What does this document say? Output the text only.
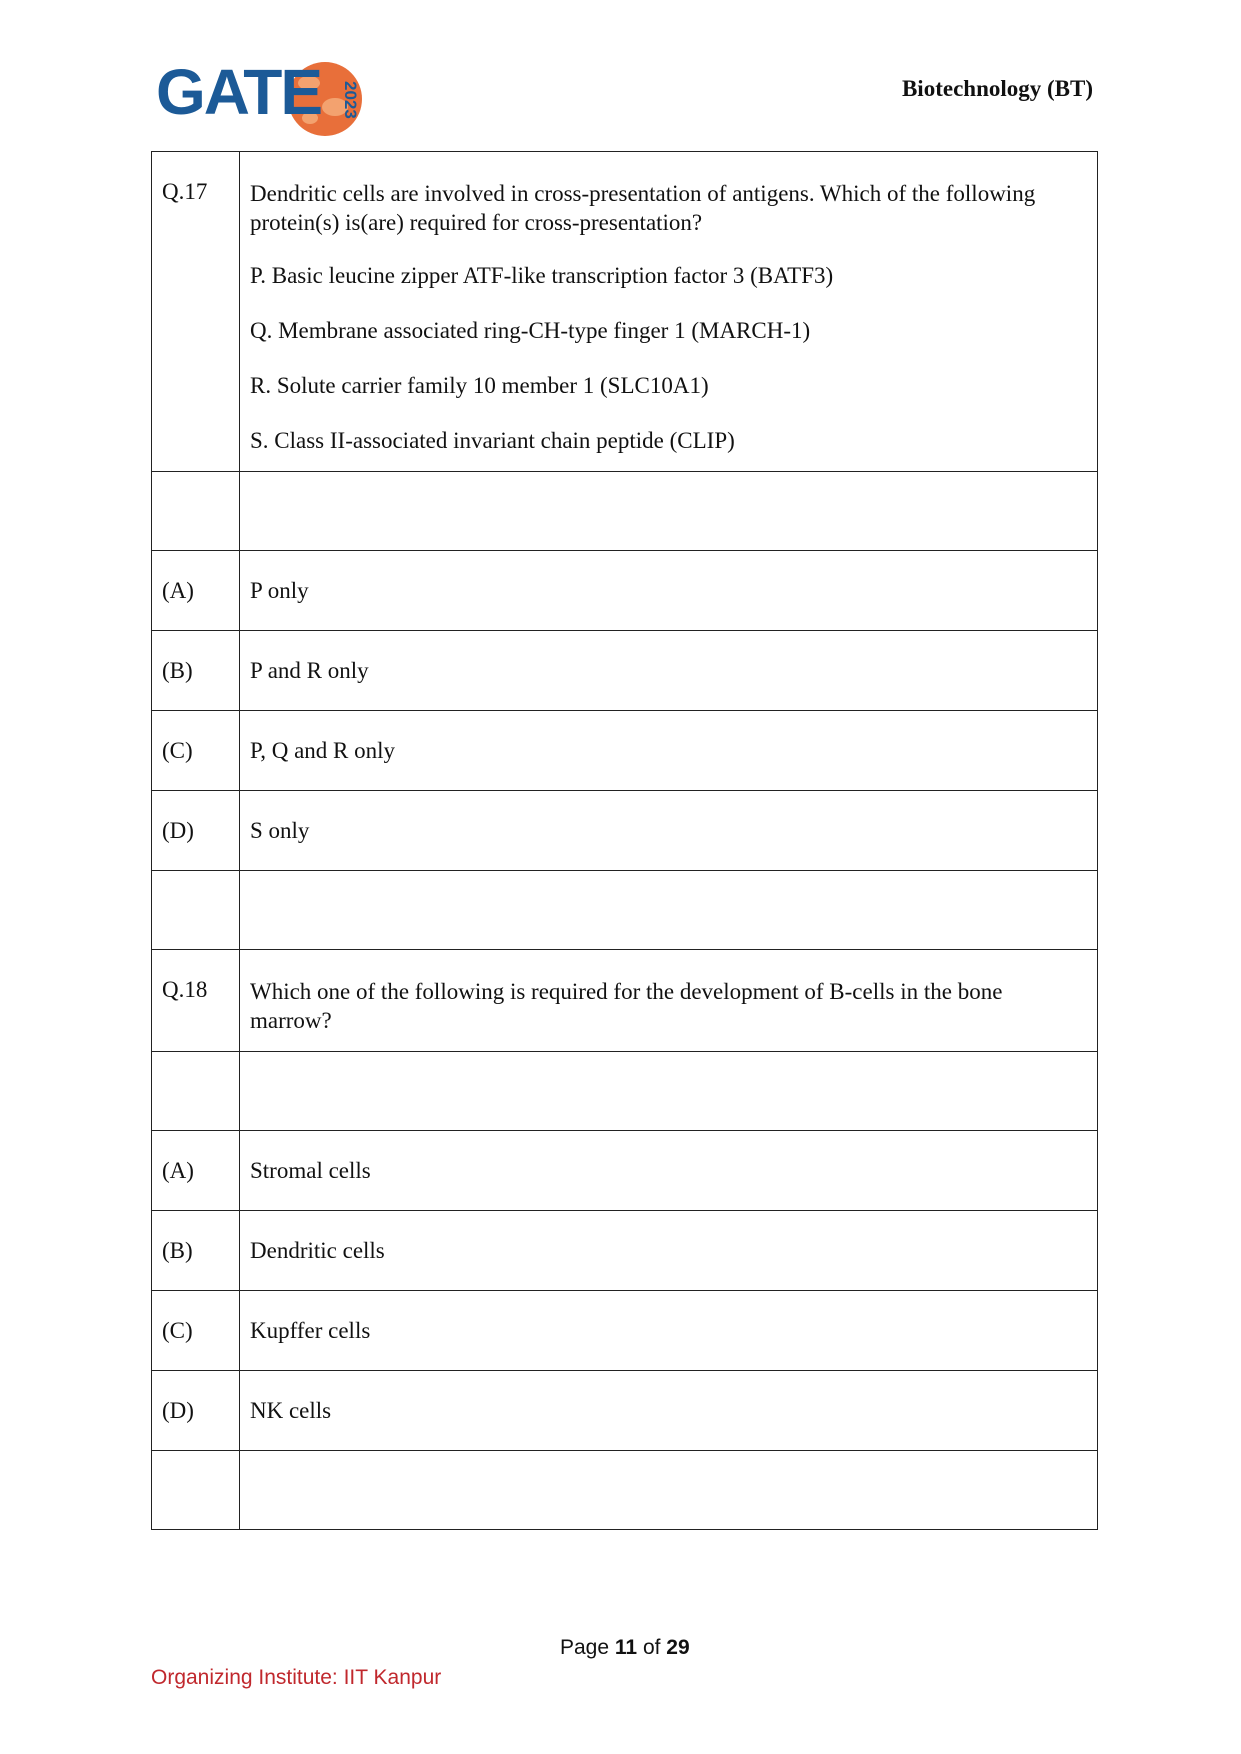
GATE 2023	Biotechnology (BT)
Q.17	Dendritic cells are involved in cross-presentation of antigens. Which of the following protein(s) is(are) required for cross-presentation?

P. Basic leucine zipper ATF-like transcription factor 3 (BATF3)

Q. Membrane associated ring-CH-type finger 1 (MARCH-1)

R. Solute carrier family 10 member 1 (SLC10A1)

S. Class II-associated invariant chain peptide (CLIP)

(A)	P only
(B)	P and R only
(C)	P, Q and R only
(D)	S only

Q.18	Which one of the following is required for the development of B-cells in the bone marrow?

(A)	Stromal cells
(B)	Dendritic cells
(C)	Kupffer cells
(D)	NK cells

Page 11 of 29
Organizing Institute: IIT Kanpur
